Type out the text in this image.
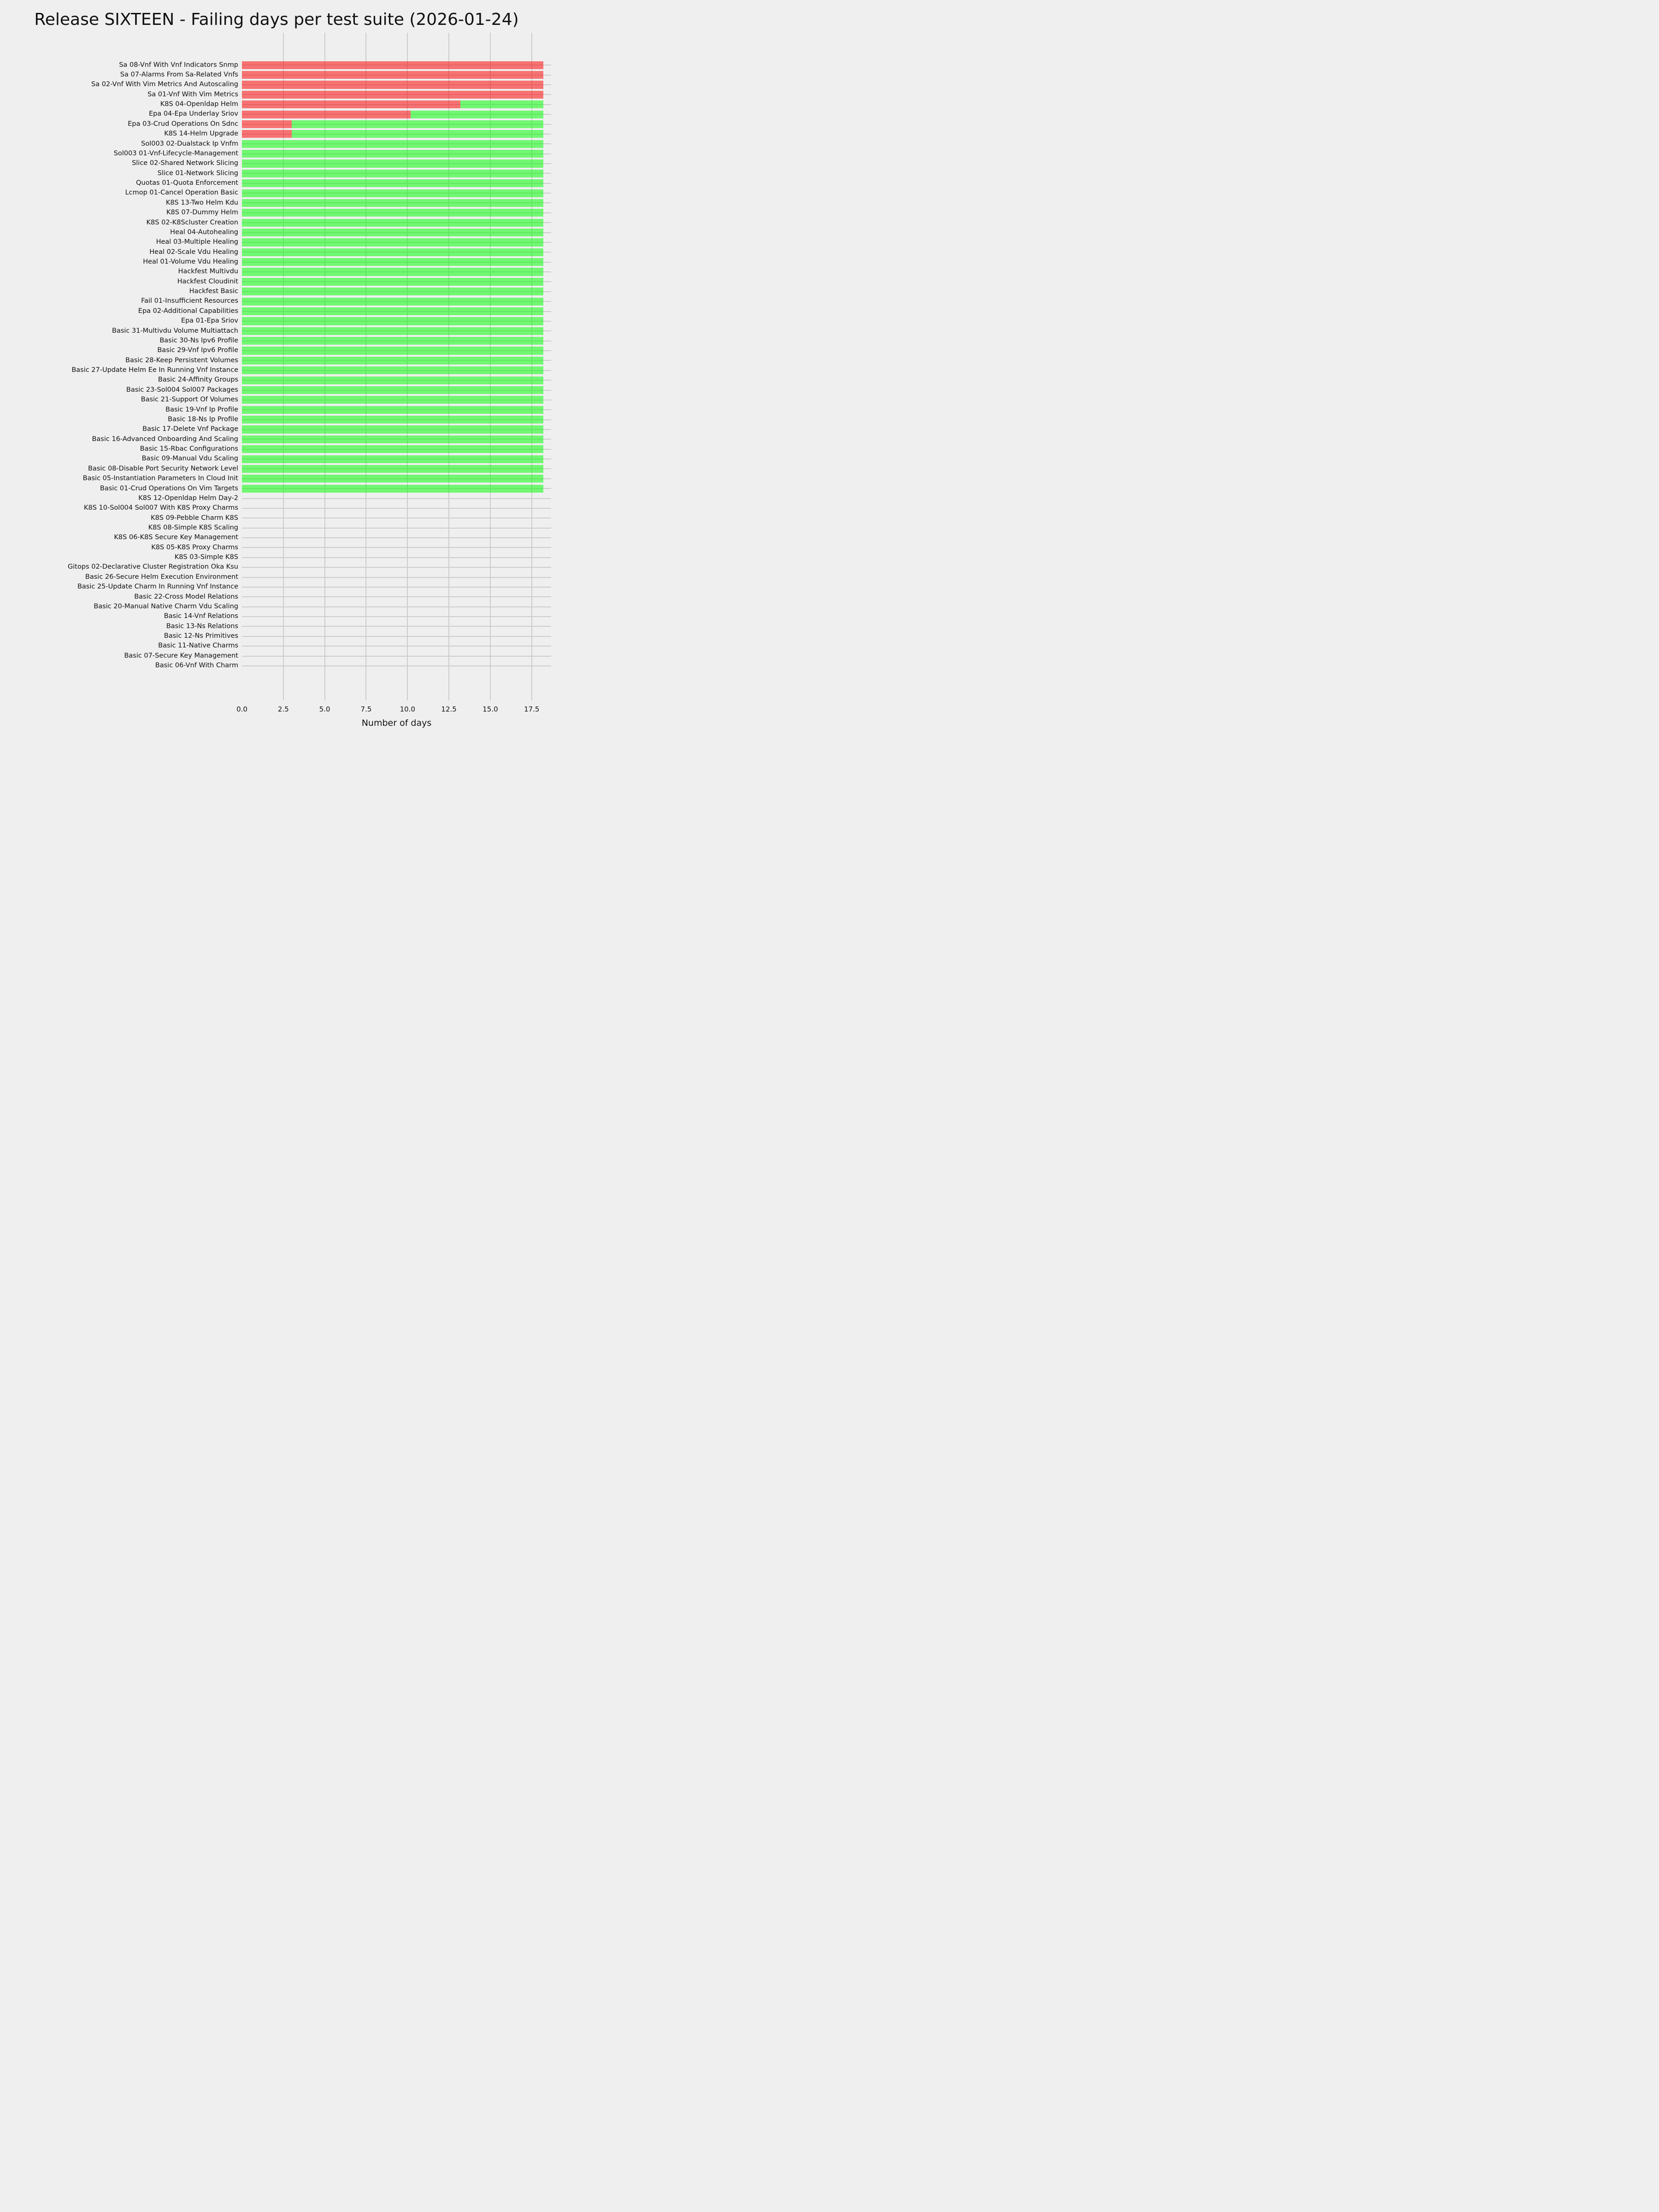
Release SIXTEEN - Failing days per test suite (2026-01-24)
Sa 08-Vnf With Vnf Indicators Snmp
Sa 07-Alarms From Sa-Related Vnfs
Sa 02-Vnf With Vim Metrics And Autoscaling
Sa 01-Vnf With Vim Metrics
K8S 04-Openldap Helm
Epa 04-Epa Underlay Sriov
Epa 03-Crud Operations On Sdnc
K8S 14-Helm Upgrade
Sol003 02-Dualstack Ip Vnfm
Sol003 01-Vnf-Lifecycle-Management
Slice 02-Shared Network Slicing
Slice 01-Network Slicing
Quotas 01-Quota Enforcement
Lcmop 01-Cancel Operation Basic
K8S 13-Two Helm Kdu
K8S 07-Dummy Helm
K8S 02-K8Scluster Creation
Heal 04-Autohealing
Heal 03-Multiple Healing
Heal 02-Scale Vdu Healing
Heal 01-Volume Vdu Healing
Hackfest Multivdu
Hackfest Cloudinit
Hackfest Basic
Fail 01-Insufficient Resources
Epa 02-Additional Capabilities
Epa 01-Epa Sriov
Basic 31-Multivdu Volume Multiattach
Basic 30-Ns Ipv6 Profile
Basic 29-Vnf Ipv6 Profile
Basic 28-Keep Persistent Volumes
Basic 27-Update Helm Ee In Running Vnf Instance
Basic 24-Affinity Groups
Basic 23-Sol004 Sol007 Packages
Basic 21-Support Of Volumes
Basic 19-Vnf Ip Profile
Basic 18-Ns Ip Profile
Basic 17-Delete Vnf Package
Basic 16-Advanced Onboarding And Scaling
Basic 15-Rbac Configurations
Basic 09-Manual Vdu Scaling
Basic 08-Disable Port Security Network Level
Basic 05-Instantiation Parameters In Cloud Init
Basic 01-Crud Operations On Vim Targets
K8S 12-Openldap Helm Day-2
K8S 10-Sol004 Sol007 With K8S Proxy Charms
K8S 09-Pebble Charm K8S
K8S 08-Simple K8S Scaling
K8S 06-K8S Secure Key Management
K8S 05-K8S Proxy Charms
K8S 03-Simple K8S
Gitops 02-Declarative Cluster Registration Oka Ksu
Basic 26-Secure Helm Execution Environment
Basic 25-Update Charm In Running Vnf Instance
Basic 22-Cross Model Relations
Basic 20-Manual Native Charm Vdu Scaling
Basic 14-Vnf Relations
Basic 13-Ns Relations
Basic 12-Ns Primitives
Basic 11-Native Charms
Basic 07-Secure Key Management
Basic 06-Vnf With Charm
0.0	2.5	5.0	7.5	10.0	12.5	15.0	17.5
Number of days
